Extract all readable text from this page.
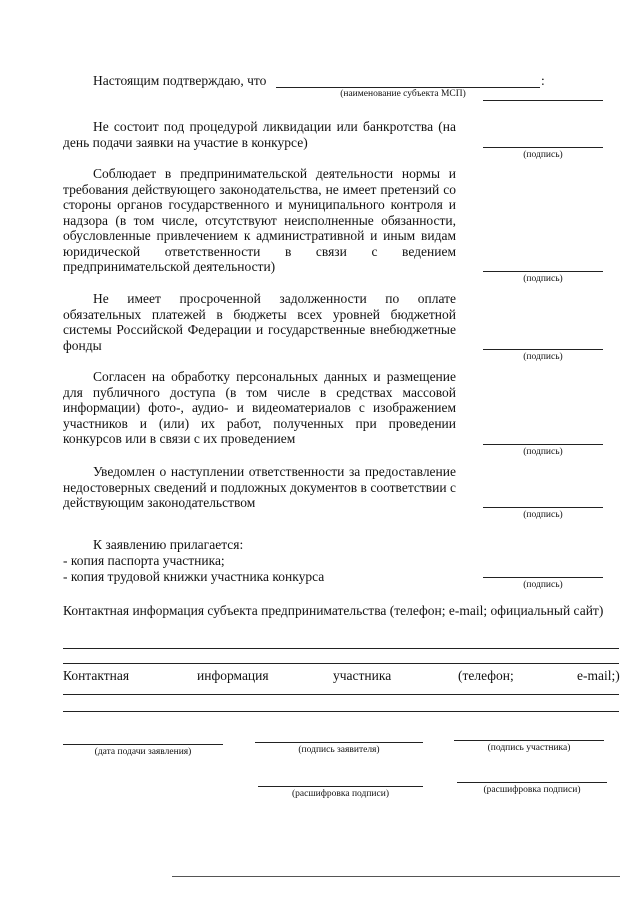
Настоящим подтверждаю, что	:
(наименование субъекта МСП)
Не состоит под процедурой ликвидации или банкротства (на день подачи заявки на участие в конкурсе)
(подпись)
Соблюдает в предпринимательской деятельности нормы и требования действующего законодательства, не имеет претензий со стороны органов государственного и муниципального контроля и надзора (в том числе, отсутствуют неисполненные обязанности, обусловленные привлечением к административной и иным видам юридической ответственности в связи с ведением предпринимательской деятельности)
(подпись)
Не имеет просроченной задолженности по оплате обязательных платежей в бюджеты всех уровней бюджетной системы Российской Федерации и государственные внебюджетные фонды
(подпись)
Согласен на обработку персональных данных и размещение для публичного доступа (в том числе в средствах массовой информации) фото-, аудио- и видеоматериалов с изображением участников и (или) их работ, полученных при проведении конкурсов или в связи с их проведением
(подпись)
Уведомлен о наступлении ответственности за предоставление недостоверных сведений и подложных документов в соответствии с действующим законодательством
(подпись)
К заявлению прилагается:
- копия паспорта участника;
- копия трудовой книжки участника конкурса
(подпись)
Контактная информация субъекта предпринимательства (телефон; e-mail; официальный сайт)
Контактная	информация	участника	(телефон;	e-mail;)
(дата подачи заявления)	(подпись заявителя)	(подпись участника)
(расшифровка подписи)	(расшифровка подписи)
